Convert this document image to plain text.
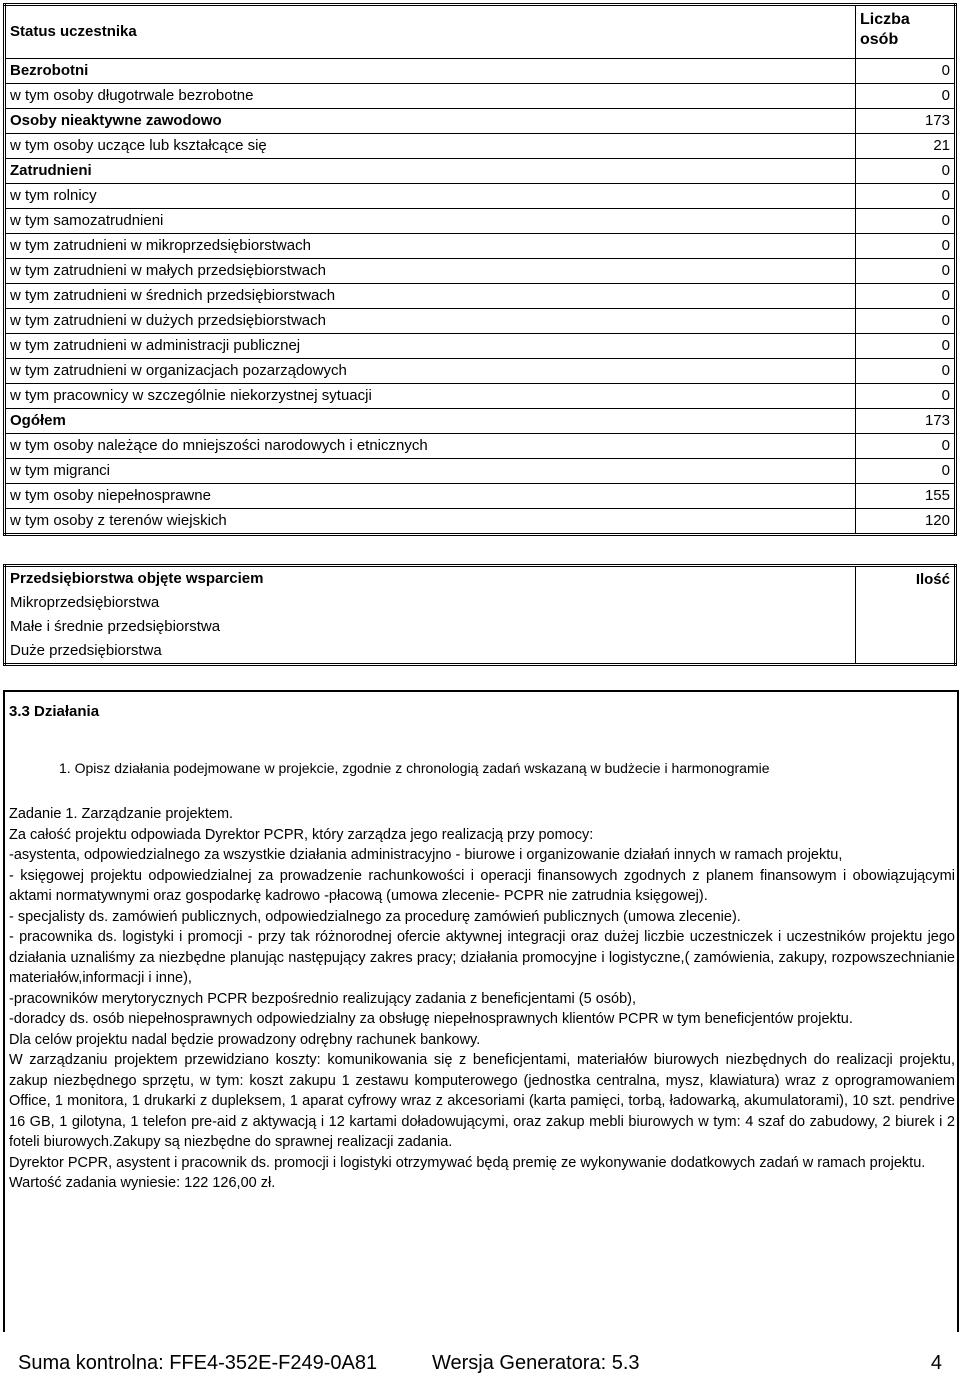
Status uczestnika	Liczba osób
Bezrobotni	0
w tym osoby długotrwale bezrobotne	0
Osoby nieaktywne zawodowo	173
w tym osoby uczące lub kształcące się	21
Zatrudnieni	0
w tym rolnicy	0
w tym samozatrudnieni	0
w tym zatrudnieni w mikroprzedsiębiorstwach	0
w tym zatrudnieni w małych przedsiębiorstwach	0
w tym zatrudnieni w średnich przedsiębiorstwach	0
w tym zatrudnieni w dużych przedsiębiorstwach	0
w tym zatrudnieni w administracji publicznej	0
w tym zatrudnieni w organizacjach pozarządowych	0
w tym pracownicy w szczególnie niekorzystnej sytuacji	0
Ogółem	173
w tym osoby należące do mniejszości narodowych i etnicznych	0
w tym migranci	0
w tym osoby niepełnosprawne	155
w tym osoby z terenów wiejskich	120
Przedsiębiorstwa objęte wsparciem	Ilość
Mikroprzedsiębiorstwa
Małe i średnie przedsiębiorstwa
Duże przedsiębiorstwa
3.3 Działania
1. Opisz działania podejmowane w projekcie, zgodnie z chronologią zadań wskazaną w budżecie i harmonogramie

Zadanie 1. Zarządzanie projektem.

Za całość projektu odpowiada Dyrektor PCPR, który zarządza jego realizacją przy pomocy:

-asystenta, odpowiedzialnego za wszystkie działania administracyjno - biurowe i organizowanie działań innych w ramach projektu,

- księgowej projektu odpowiedzialnej za prowadzenie rachunkowości i operacji finansowych zgodnych z planem finansowym i obowiązującymi aktami normatywnymi oraz gospodarkę kadrowo -płacową (umowa zlecenie- PCPR nie zatrudnia księgowej).

- specjalisty ds. zamówień publicznych, odpowiedzialnego za procedurę zamówień publicznych (umowa zlecenie).

- pracownika ds. logistyki i promocji - przy tak różnorodnej ofercie aktywnej integracji oraz dużej liczbie uczestniczek i uczestników projektu jego działania uznaliśmy za niezbędne planując następujący zakres pracy; działania promocyjne i logistyczne,( zamówienia, zakupy, rozpowszechnianie materiałów,informacji i inne),

-pracowników merytorycznych PCPR bezpośrednio realizujący zadania z beneficjentami (5 osób),

-doradcy ds. osób niepełnosprawnych odpowiedzialny za obsługę niepełnosprawnych klientów PCPR w tym beneficjentów projektu.

Dla celów projektu nadal będzie prowadzony odrębny rachunek bankowy.

W zarządzaniu projektem przewidziano koszty: komunikowania się z beneficjentami, materiałów biurowych niezbędnych do realizacji projektu, zakup niezbędnego sprzętu, w tym: koszt zakupu 1 zestawu komputerowego (jednostka centralna, mysz, klawiatura) wraz z oprogramowaniem Office, 1 monitora, 1 drukarki z dupleksem, 1 aparat cyfrowy wraz z akcesoriami (karta pamięci, torbą, ładowarką, akumulatorami), 10 szt. pendrive 16 GB, 1 gilotyna, 1 telefon pre-aid z aktywacją i 12 kartami doładowującymi, oraz zakup mebli biurowych w tym: 4 szaf do zabudowy, 2 biurek i 2 foteli biurowych.Zakupy są niezbędne do sprawnej realizacji zadania.

Dyrektor PCPR, asystent i pracownik ds. promocji i logistyki otrzymywać będą premię ze wykonywanie dodatkowych zadań w ramach projektu.

Wartość zadania wyniesie: 122 126,00 zł.

Suma kontrolna: FFE4-352E-F249-0A81	Wersja Generatora: 5.3	4
